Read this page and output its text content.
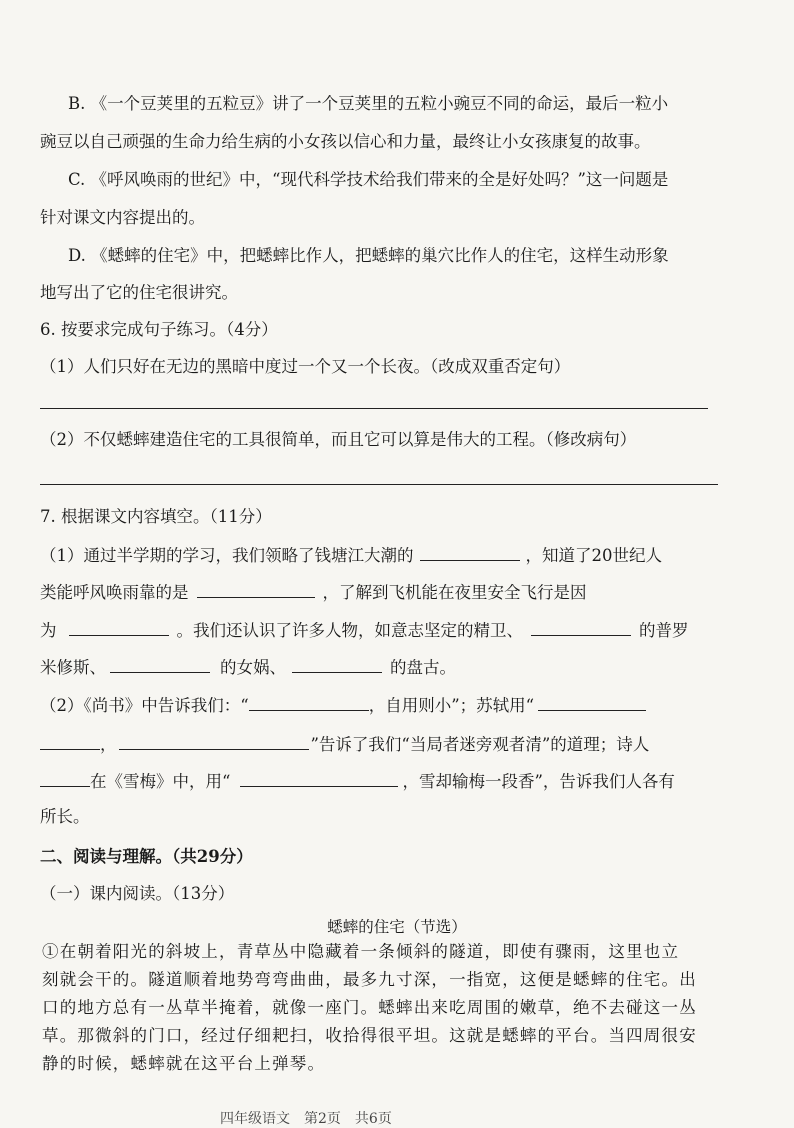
B. 《一个豆荚里的五粒豆》讲了一个豆荚里的五粒小豌豆不同的命运，最后一粒小
豌豆以自己顽强的生命力给生病的小女孩以信心和力量，最终让小女孩康复的故事。
C. 《呼风唤雨的世纪》中，“现代科学技术给我们带来的全是好处吗？”这一问题是
针对课文内容提出的。
D. 《蟋蟀的住宅》中，把蟋蟀比作人，把蟋蟀的巢穴比作人的住宅，这样生动形象
地写出了它的住宅很讲究。
6. 按要求完成句子练习。（4分）
（1）人们只好在无边的黑暗中度过一个又一个长夜。（改成双重否定句）
（2）不仅蟋蟀建造住宅的工具很简单，而且它可以算是伟大的工程。（修改病句）
7. 根据课文内容填空。（11分）
（1）通过半学期的学习，我们领略了钱塘江大潮的	，知道了20世纪人
类能呼风唤雨靠的是	，了解到飞机能在夜里安全飞行是因
为	。我们还认识了许多人物，如意志坚定的精卫、	的普罗
米修斯、	的女娲、	的盘古。
（2）《尚书》中告诉我们：“	，自用则小”；苏轼用“
，	”告诉了我们“当局者迷旁观者清”的道理；诗人
在《雪梅》中，用“	，雪却输梅一段香”，告诉我们人各有
所长。
二、阅读与理解。（共29分）
（一）课内阅读。（13分）
蟋蟀的住宅（节选）
①在朝着阳光的斜坡上，青草丛中隐藏着一条倾斜的隧道，即使有骤雨，这里也立
刻就会干的。隧道顺着地势弯弯曲曲，最多九寸深，一指宽，这便是蟋蟀的住宅。出
口的地方总有一丛草半掩着，就像一座门。蟋蟀出来吃周围的嫩草，绝不去碰这一丛
草。那微斜的门口，经过仔细耙扫，收拾得很平坦。这就是蟋蟀的平台。当四周很安
静的时候，蟋蟀就在这平台上弹琴。
四年级语文　第2页　共6页
